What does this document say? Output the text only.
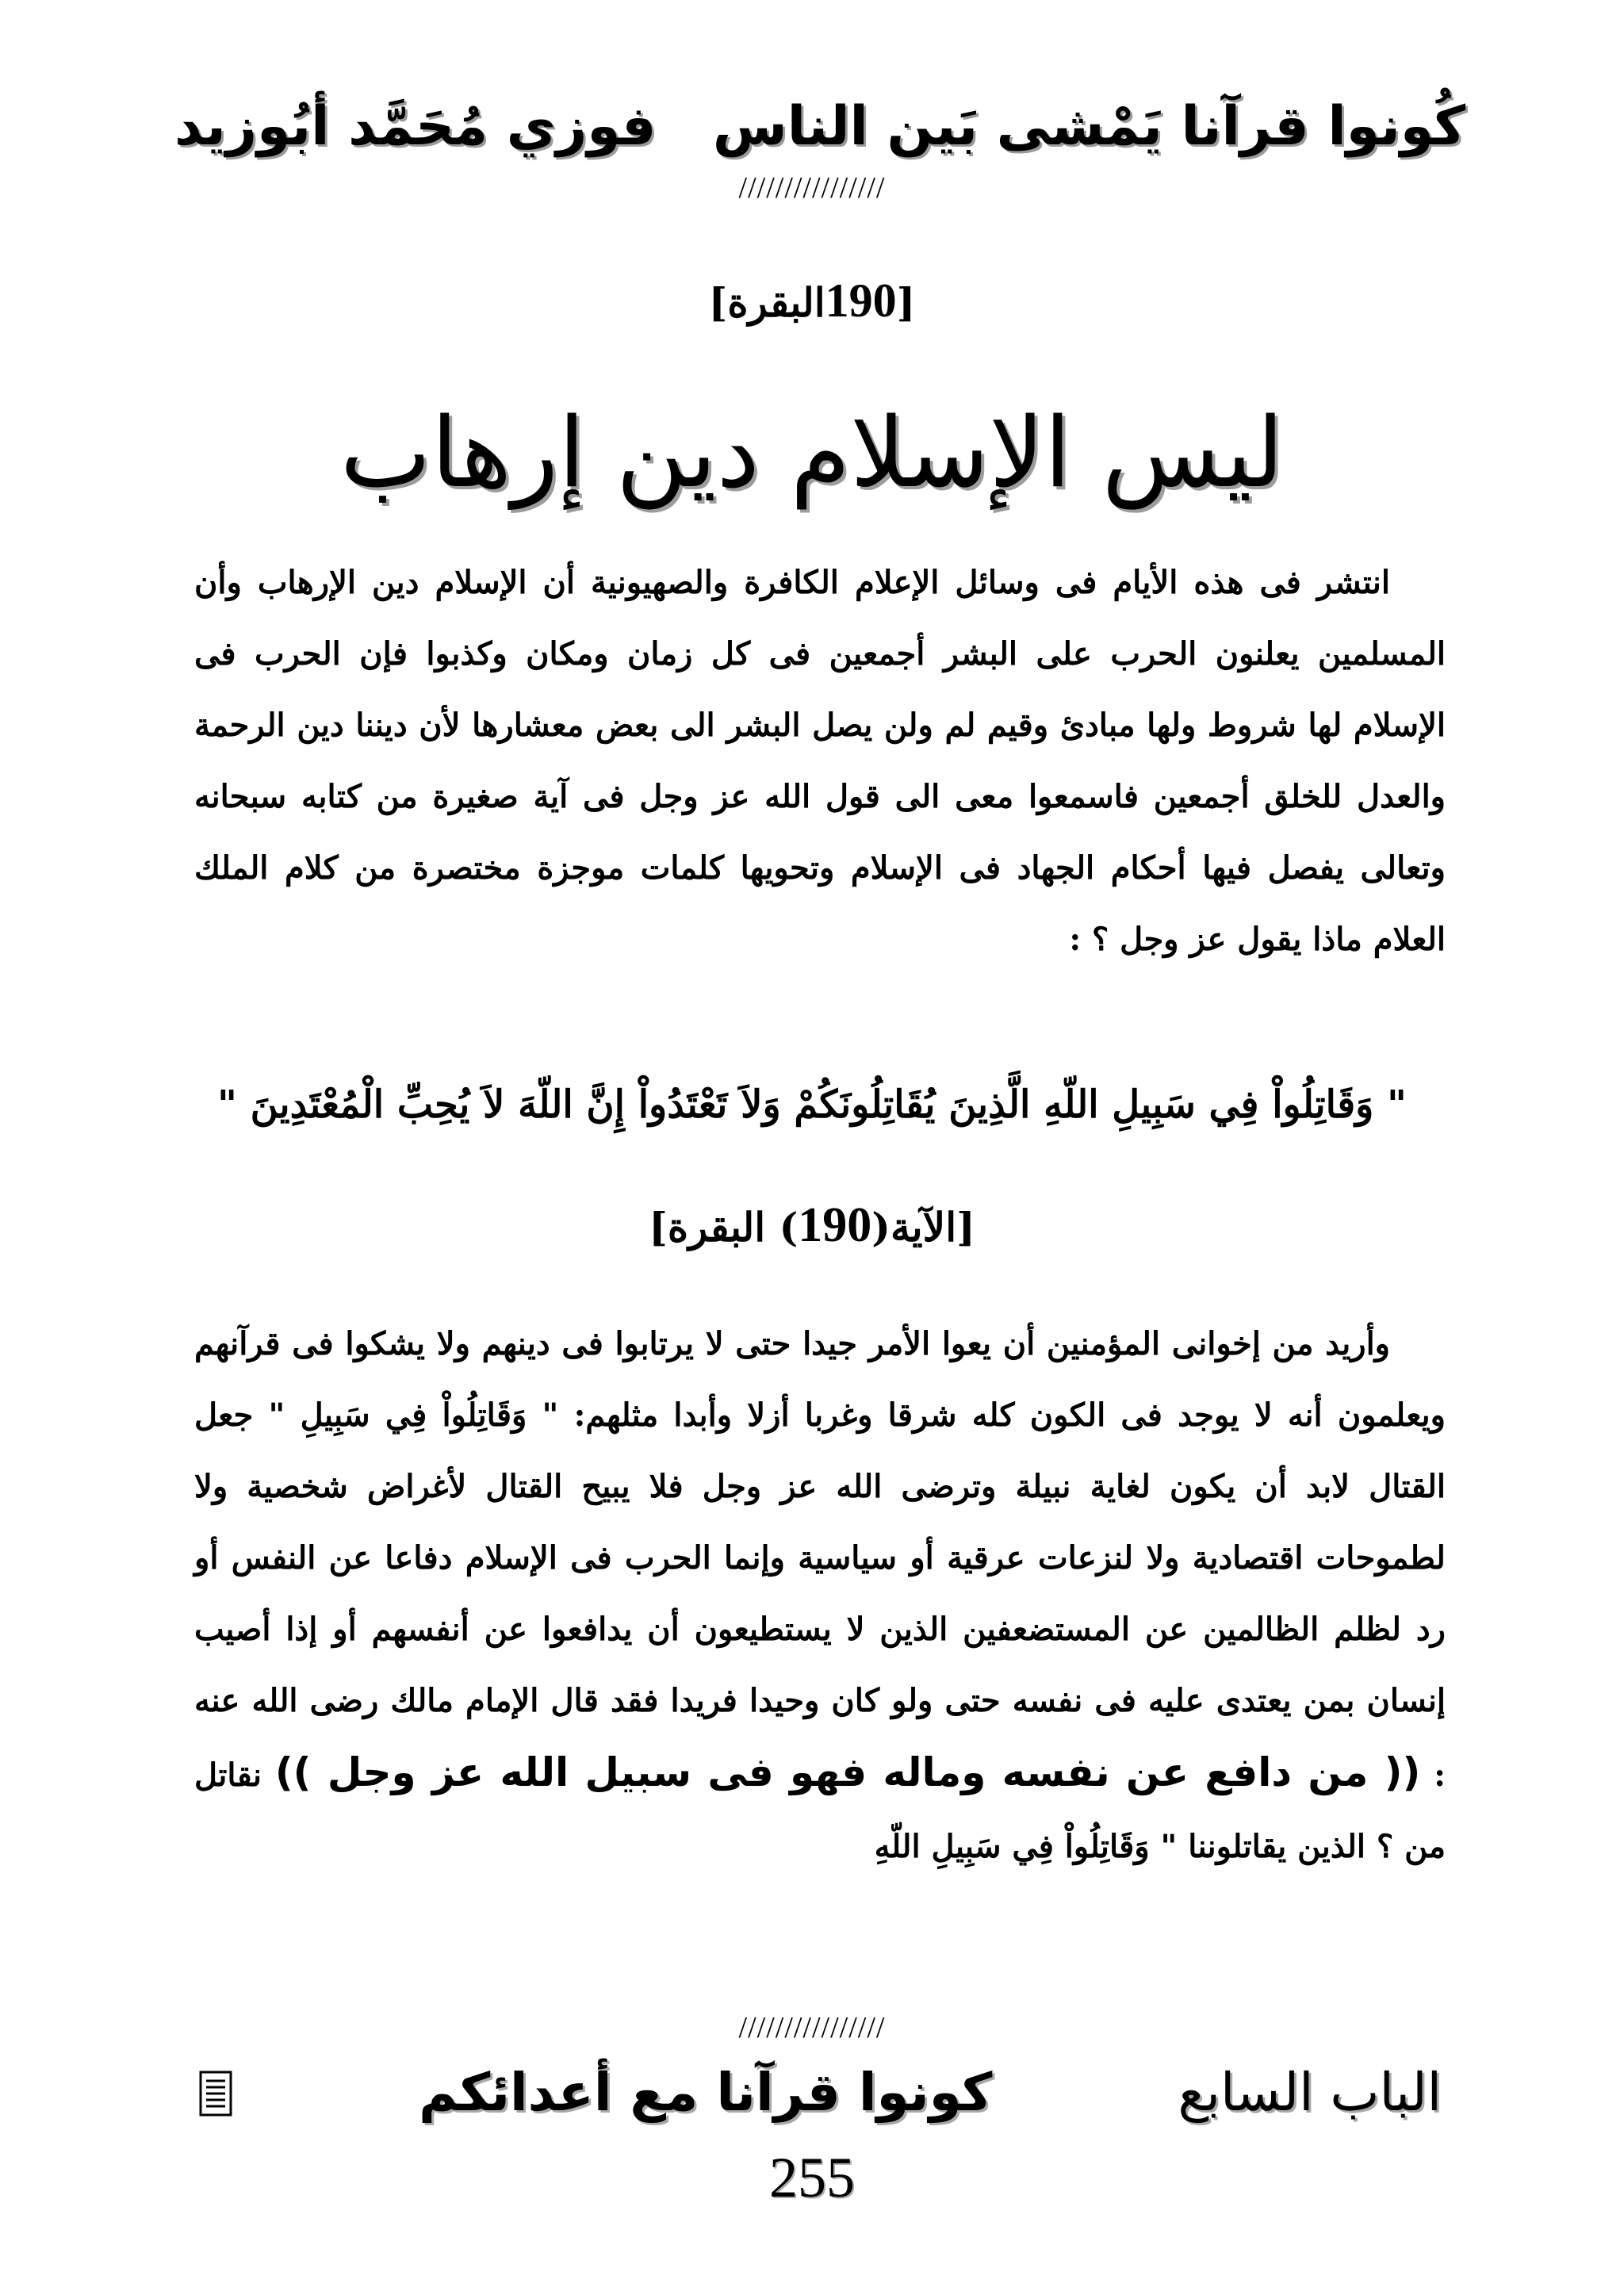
كُونوا قرآنا يَمْشى بَين الناس
فوزي مُحَمَّد أبُوزيد
////////////////
[190البقرة]
ليس الإسلام دين إرهاب
انتشر فى هذه الأيام فى وسائل الإعلام الكافرة والصهيونية أن الإسلام دين الإرهاب وأن المسلمين يعلنون الحرب على البشر أجمعين فى كل زمان ومكان وكذبوا فإن الحرب فى الإسلام لها شروط ولها مبادئ وقيم لم ولن يصل البشر الى بعض معشارها لأن ديننا دين الرحمة والعدل للخلق أجمعين فاسمعوا معى الى قول الله عز وجل فى آية صغيرة من كتابه سبحانه وتعالى يفصل فيها أحكام الجهاد فى الإسلام وتحويها كلمات موجزة مختصرة من كلام الملك العلام ماذا يقول عز وجل ؟ :
" وَقَاتِلُواْ فِي سَبِيلِ اللّهِ الَّذِينَ يُقَاتِلُونَكُمْ وَلاَ تَعْتَدُواْ إِنَّ اللّهَ لاَ يُحِبِّ الْمُعْتَدِينَ "
[الآية(190) البقرة]
وأريد من إخوانى المؤمنين أن يعوا الأمر جيدا حتى لا يرتابوا فى دينهم ولا يشكوا فى قرآنهم ويعلمون أنه لا يوجد فى الكون كله شرقا وغربا أزلا وأبدا مثلهم: " وَقَاتِلُواْ فِي سَبِيلِ " جعل القتال لابد أن يكون لغاية نبيلة وترضى الله عز وجل فلا يبيح القتال لأغراض شخصية ولا لطموحات اقتصادية ولا لنزعات عرقية أو سياسية وإنما الحرب فى الإسلام دفاعا عن النفس أو رد لظلم الظالمين عن المستضعفين الذين لا يستطيعون أن يدافعوا عن أنفسهم أو إذا أصيب إنسان بمن يعتدى عليه فى نفسه حتى ولو كان وحيدا فريدا فقد قال الإمام مالك رضى الله عنه : (( من دافع عن نفسه وماله فهو فى سبيل الله عز وجل )) نقاتل من ؟ الذين يقاتلوننا " وَقَاتِلُواْ فِي سَبِيلِ اللّهِ
////////////////
الباب السابع
كونوا قرآنا مع أعدائكم
255
